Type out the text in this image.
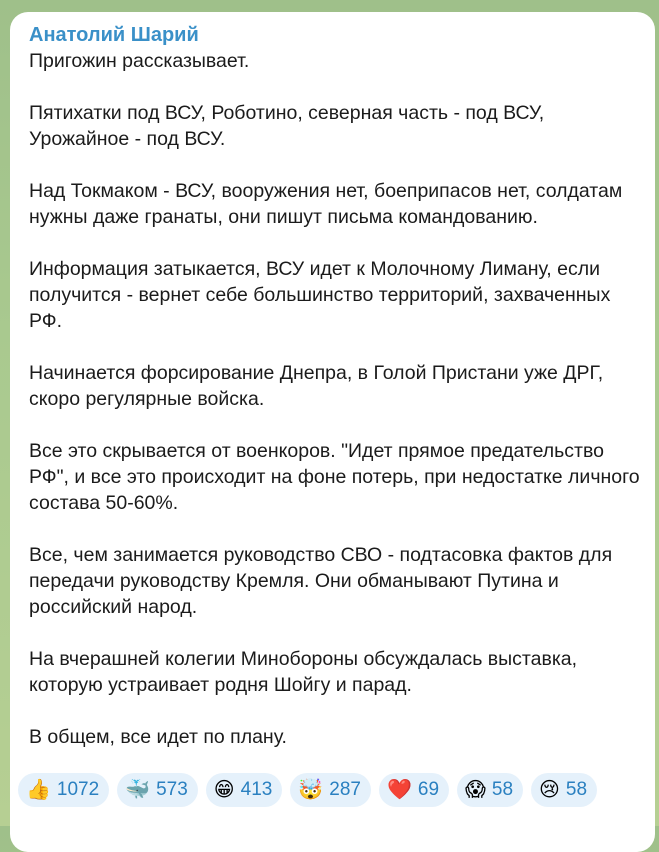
Анатолий Шарий

Пригожин рассказывает.

Пятихатки под ВСУ, Роботино, северная часть - под ВСУ, Урожайное - под ВСУ.

Над Токмаком - ВСУ, вооружения нет, боеприпасов нет, солдатам нужны даже гранаты, они пишут письма командованию.

Информация затыкается, ВСУ идет к Молочному Лиману, если получится - вернет себе большинство территорий, захваченных РФ.

Начинается форсирование Днепра, в Голой Пристани уже ДРГ, скоро регулярные войска.

Все это скрывается от военкоров. "Идет прямое предательство РФ", и все это происходит на фоне потерь, при недостатке личного состава 50-60%.

Все, чем занимается руководство СВО - подтасовка фактов для передачи руководству Кремля. Они обманывают Путина и российский народ.

На вчерашней колегии Минобороны обсуждалась выставка, которую устраивает родня Шойгу и парад.

В общем, все идет по плану.

👍 1072 🐳 573 😁 413 🤯 287 ❤️ 69 😱 58 😢 58
